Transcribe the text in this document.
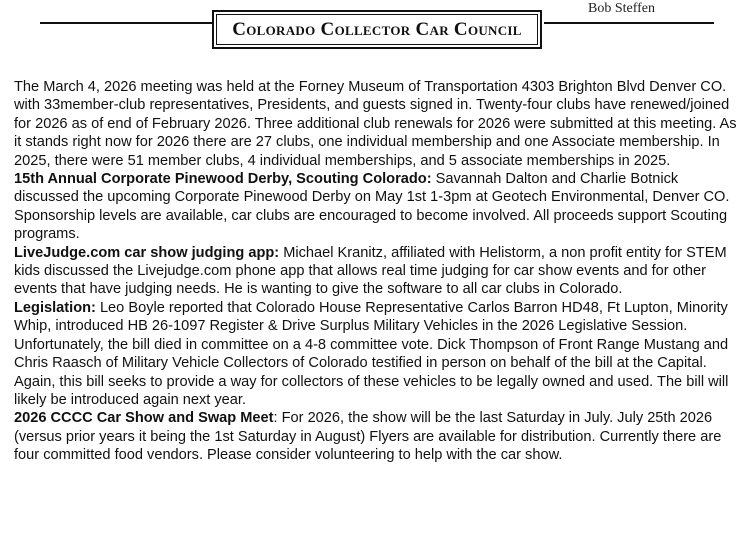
Bob Steffen
Colorado Collector Car Council

The March 4, 2026 meeting was held at the Forney Museum of Transportation 4303 Brighton Blvd Denver CO. with 33member-club representatives, Presidents, and guests signed in. Twenty-four clubs have renewed/joined for 2026 as of end of February 2026. Three additional club renewals for 2026 were submitted at this meeting. As it stands right now for 2026 there are 27 clubs, one individual membership and one Associate membership. In 2025, there were 51 member clubs, 4 individual memberships, and 5 associate memberships in 2025.

15th Annual Corporate Pinewood Derby, Scouting Colorado: Savannah Dalton and Charlie Botnick discussed the upcoming Corporate Pinewood Derby on May 1st 1-3pm at Geotech Environmental, Denver CO. Sponsorship levels are available, car clubs are encouraged to become involved. All proceeds support Scouting programs.

LiveJudge.com car show judging app: Michael Kranitz, affiliated with Helistorm, a non profit entity for STEM kids discussed the Livejudge.com phone app that allows real time judging for car show events and for other events that have judging needs. He is wanting to give the software to all car clubs in Colorado.

Legislation: Leo Boyle reported that Colorado House Representative Carlos Barron HD48, Ft Lupton, Minority Whip, introduced HB 26-1097 Register & Drive Surplus Military Vehicles in the 2026 Legislative Session. Unfortunately, the bill died in committee on a 4-8 committee vote. Dick Thompson of Front Range Mustang and Chris Raasch of Military Vehicle Collectors of Colorado testified in person on behalf of the bill at the Capital. Again, this bill seeks to provide a way for collectors of these vehicles to be legally owned and used. The bill will likely be introduced again next year.

2026 CCCC Car Show and Swap Meet: For 2026, the show will be the last Saturday in July. July 25th 2026 (versus prior years it being the 1st Saturday in August) Flyers are available for distribution. Currently there are four committed food vendors. Please consider volunteering to help with the car show.
